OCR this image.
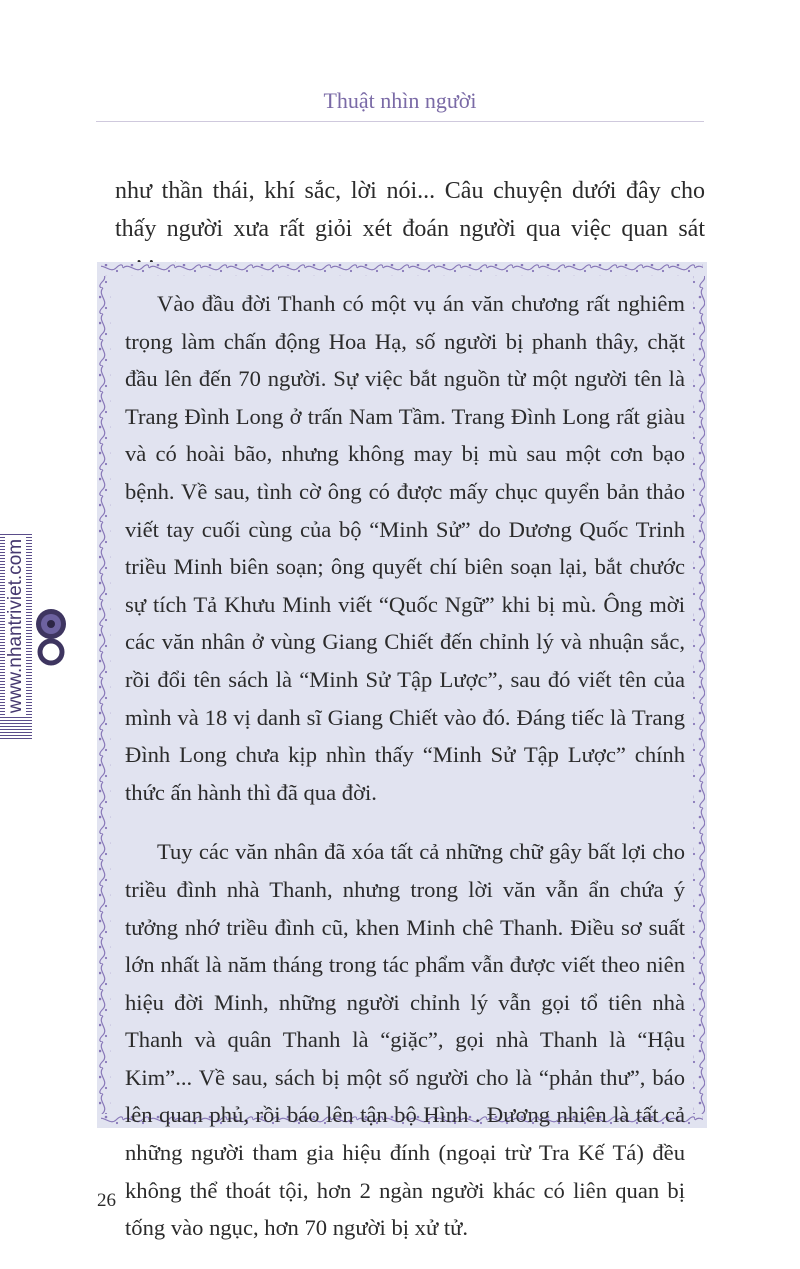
Thuật nhìn người
như thần thái, khí sắc, lời nói... Câu chuyện dưới đây cho thấy người xưa rất giỏi xét đoán người qua việc quan sát

Vào đầu đời Thanh có một vụ án văn chương rất nghiêm trọng làm chấn động Hoa Hạ, số người bị phanh thây, chặt đầu lên đến 70 người. Sự việc bắt nguồn từ một người tên là Trang Đình Long ở trấn Nam Tầm. Trang Đình Long rất giàu và có hoài bão, nhưng không may bị mù sau một cơn bạo bệnh. Về sau, tình cờ ông có được mấy chục quyển bản thảo viết tay cuối cùng của bộ “Minh Sử” do Dương Quốc Trinh triều Minh biên soạn; ông quyết chí biên soạn lại, bắt chước sự tích Tả Khưu Minh viết “Quốc Ngữ” khi bị mù. Ông mời các văn nhân ở vùng Giang Chiết đến chỉnh lý và nhuận sắc, rồi đổi tên sách là “Minh Sử Tập Lược”, sau đó viết tên của mình và 18 vị danh sĩ Giang Chiết vào đó. Đáng tiếc là Trang Đình Long chưa kịp nhìn thấy “Minh Sử Tập Lược” chính thức ấn hành thì đã qua đời.

Tuy các văn nhân đã xóa tất cả những chữ gây bất lợi cho triều đình nhà Thanh, nhưng trong lời văn vẫn ẩn chứa ý tưởng nhớ triều đình cũ, khen Minh chê Thanh. Điều sơ suất lớn nhất là năm tháng trong tác phẩm vẫn được viết theo niên hiệu đời Minh, những người chỉnh lý vẫn gọi tổ tiên nhà Thanh và quân Thanh là “giặc”, gọi nhà Thanh là “Hậu Kim”... Về sau, sách bị một số người cho là “phản thư”, báo lên quan phủ, rồi báo lên tận bộ Hình . Đương nhiên là tất cả những người tham gia hiệu đính (ngoại trừ Tra Kế Tá) đều không thể thoát tội, hơn 2 ngàn người khác có liên quan bị tống vào ngục, hơn 70 người bị xử tử.

www.nhantriviet.com
26
